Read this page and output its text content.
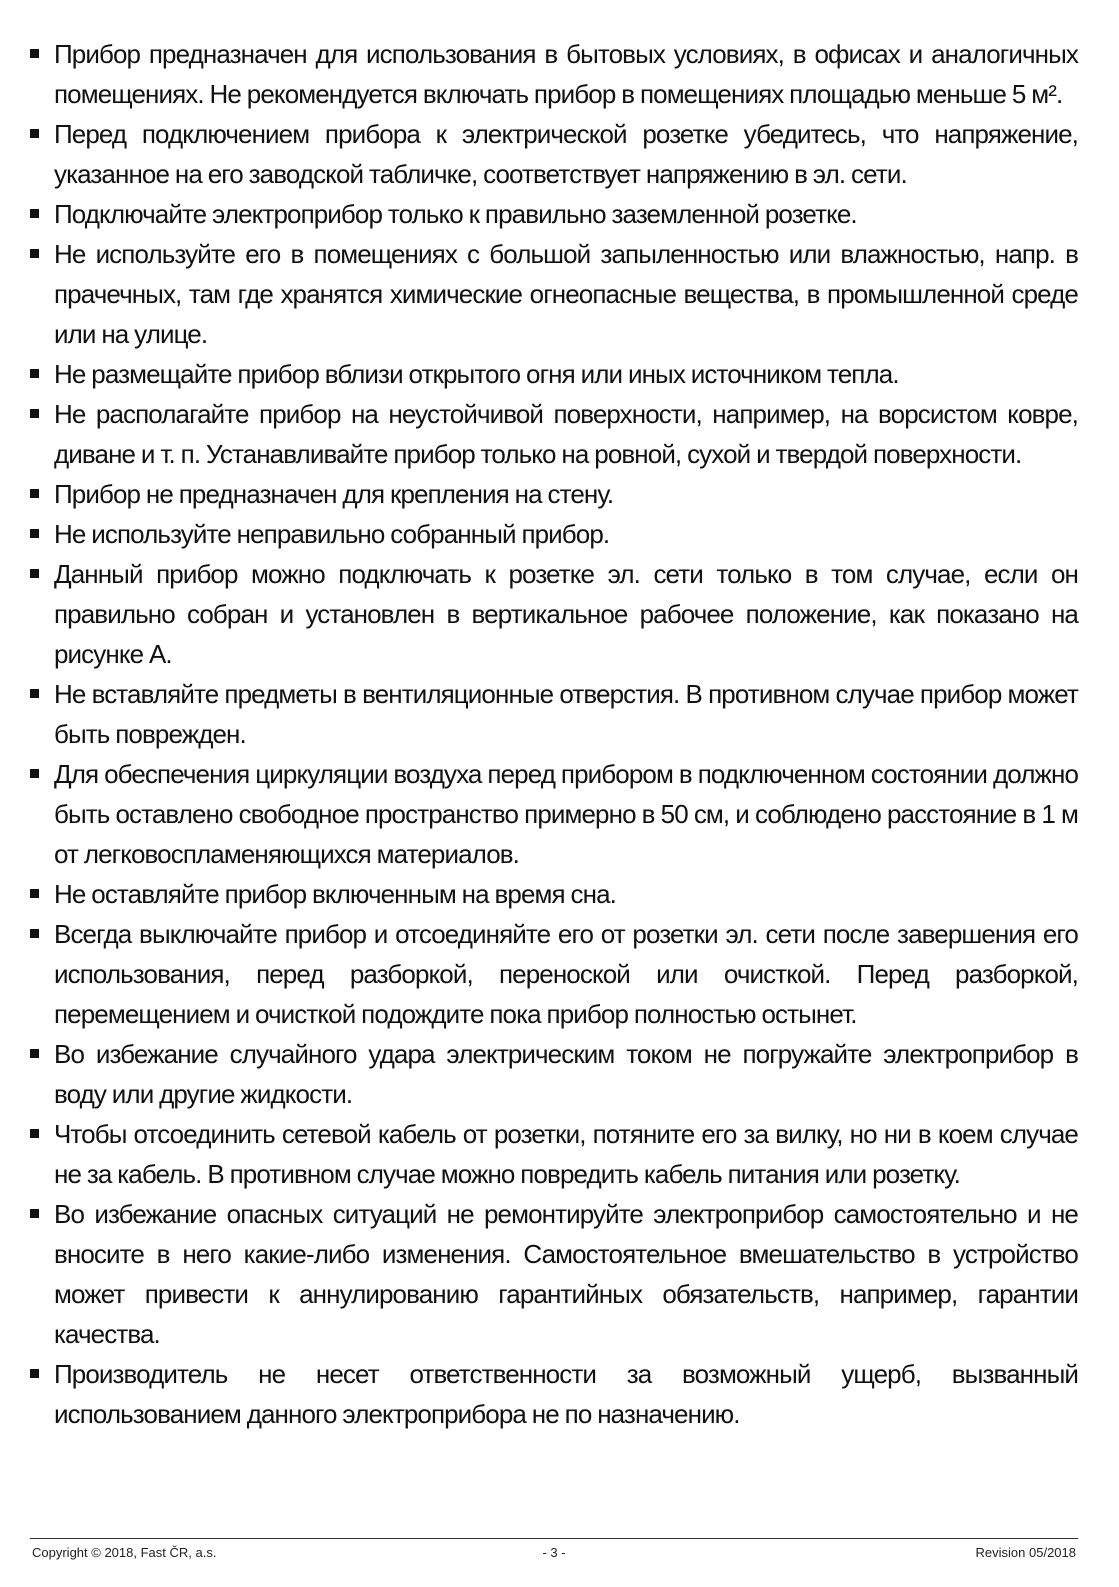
Прибор предназначен для использования в бытовых условиях, в офисах и аналогичных помещениях. Не рекомендуется включать прибор в помещениях площадью меньше 5 м².
Перед подключением прибора к электрической розетке убедитесь, что напряжение, указанное на его заводской табличке, соответствует напряжению в эл. сети.
Подключайте электроприбор только к правильно заземленной розетке.
Не используйте его в помещениях с большой запыленностью или влажностью, напр. в прачечных, там где хранятся химические огнеопасные вещества, в промышленной среде или на улице.
Не размещайте прибор вблизи открытого огня или иных источником тепла.
Не располагайте прибор на неустойчивой поверхности, например, на ворсистом ковре, диване и т. п. Устанавливайте прибор только на ровной, сухой и твердой поверхности.
Прибор не предназначен для крепления на стену.
Не используйте неправильно собранный прибор.
Данный прибор можно подключать к розетке эл. сети только в том случае, если он правильно собран и установлен в вертикальное рабочее положение, как показано на рисунке А.
Не вставляйте предметы в вентиляционные отверстия. В противном случае прибор может быть поврежден.
Для обеспечения циркуляции воздуха перед прибором в подключенном состоянии должно быть оставлено свободное пространство примерно в 50 см, и соблюдено расстояние в 1 м от легковоспламеняющихся материалов.
Не оставляйте прибор включенным на время сна.
Всегда выключайте прибор и отсоединяйте его от розетки эл. сети после завершения его использования, перед разборкой, переноской или очисткой. Перед разборкой, перемещением и очисткой подождите пока прибор полностью остынет.
Во избежание случайного удара электрическим током не погружайте электроприбор в воду или другие жидкости.
Чтобы отсоединить сетевой кабель от розетки, потяните его за вилку, но ни в коем случае не за кабель. В противном случае можно повредить кабель питания или розетку.
Во избежание опасных ситуаций не ремонтируйте электроприбор самостоятельно и не вносите в него какие-либо изменения. Самостоятельное вмешательство в устройство может привести к аннулированию гарантийных обязательств, например, гарантии качества.
Производитель не несет ответственности за возможный ущерб, вызванный использованием данного электроприбора не по назначению.
Copyright © 2018, Fast ČR, a.s.	- 3 -	Revision 05/2018
